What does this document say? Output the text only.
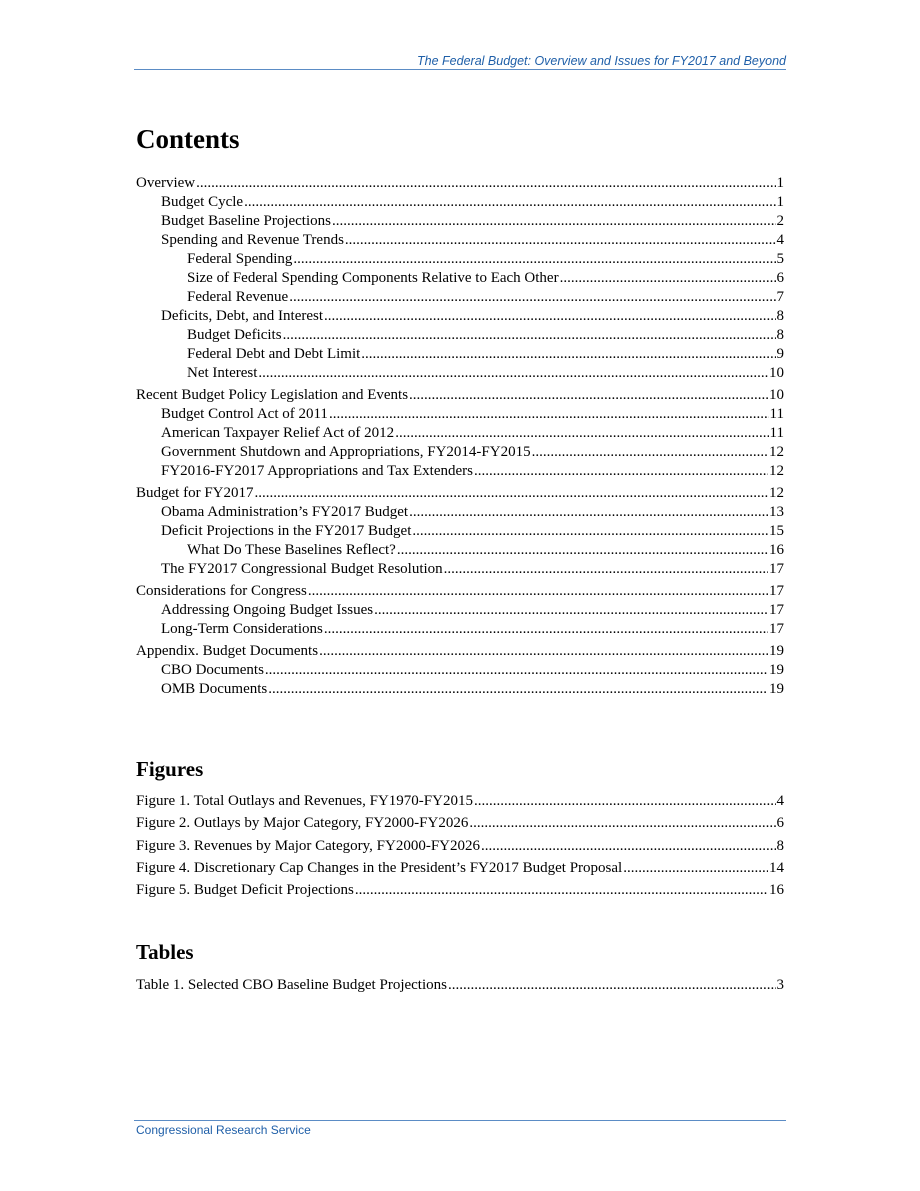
The Federal Budget: Overview and Issues for FY2017 and Beyond
Contents
Overview .....	1
Budget Cycle .....	1
Budget Baseline Projections .....	2
Spending and Revenue Trends .....	4
Federal Spending .....	5
Size of Federal Spending Components Relative to Each Other .....	6
Federal Revenue .....	7
Deficits, Debt, and Interest .....	8
Budget Deficits .....	8
Federal Debt and Debt Limit .....	9
Net Interest .....	10
Recent Budget Policy Legislation and Events .....	10
Budget Control Act of 2011 .....	11
American Taxpayer Relief Act of 2012 .....	11
Government Shutdown and Appropriations, FY2014-FY2015 .....	12
FY2016-FY2017 Appropriations and Tax Extenders .....	12
Budget for FY2017 .....	12
Obama Administration’s FY2017 Budget .....	13
Deficit Projections in the FY2017 Budget .....	15
What Do These Baselines Reflect? .....	16
The FY2017 Congressional Budget Resolution .....	17
Considerations for Congress .....	17
Addressing Ongoing Budget Issues .....	17
Long-Term Considerations .....	17
Appendix. Budget Documents .....	19
CBO Documents .....	19
OMB Documents .....	19
Figures
Figure 1. Total Outlays and Revenues, FY1970-FY2015 .....	4
Figure 2. Outlays by Major Category, FY2000-FY2026 .....	6
Figure 3. Revenues by Major Category, FY2000-FY2026 .....	8
Figure 4. Discretionary Cap Changes in the President’s FY2017 Budget Proposal .....	14
Figure 5. Budget Deficit Projections .....	16
Tables
Table 1. Selected CBO Baseline Budget Projections .....	3
Congressional Research Service
